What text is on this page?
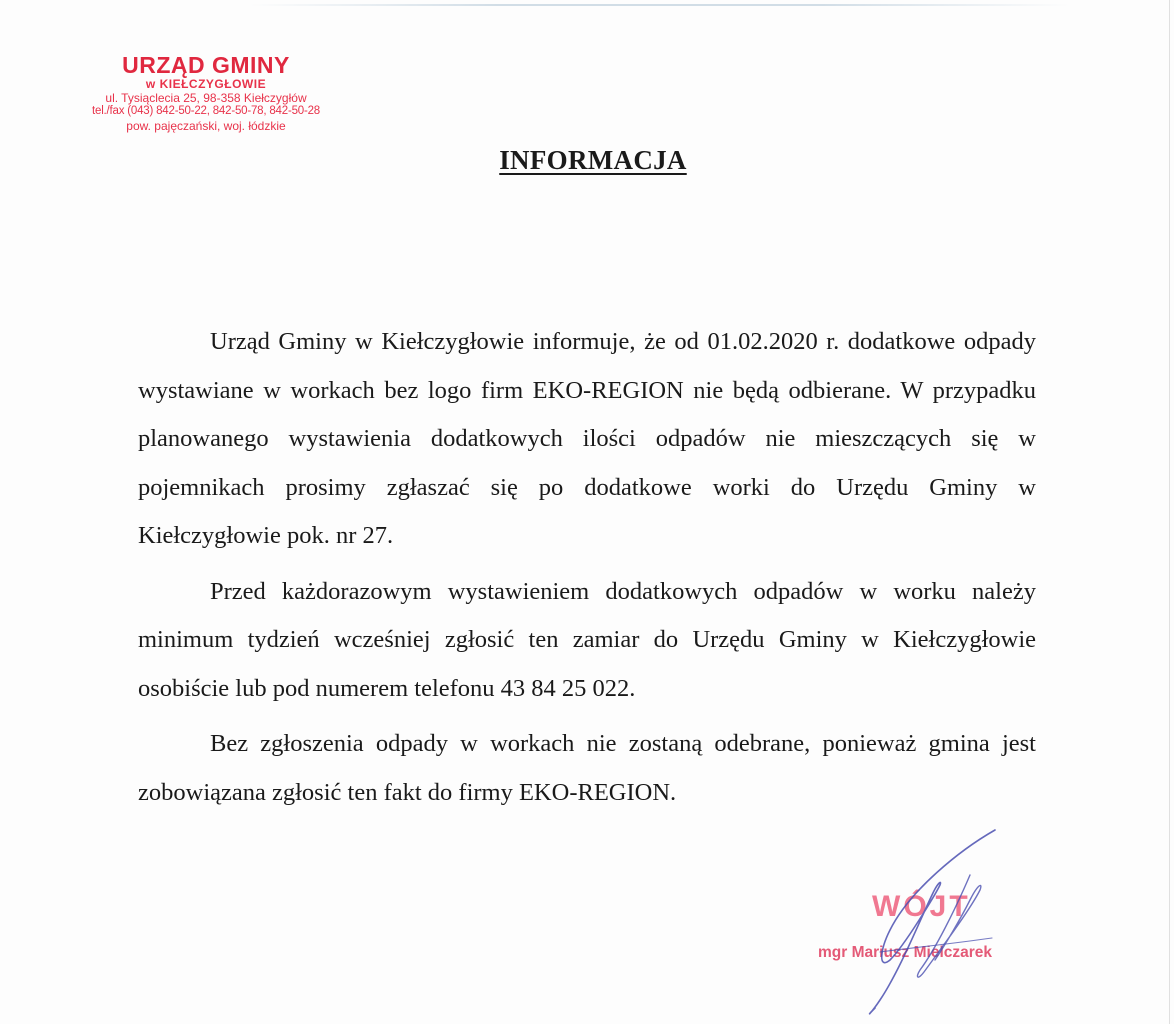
URZĄD GMINY
w KIEŁCZYGŁOWIE
ul. Tysiąclecia 25, 98-358 Kiełczygłów
tel./fax (043) 842-50-22, 842-50-78, 842-50-28
pow. pajęczański, woj. łódzkie
INFORMACJA

Urząd Gminy w Kiełczygłowie informuje, że od 01.02.2020 r. dodatkowe odpady wystawiane w workach bez logo firm EKO-REGION nie będą odbierane. W przypadku planowanego wystawienia dodatkowych ilości odpadów nie mieszczących się w pojemnikach prosimy zgłaszać się po dodatkowe worki do Urzędu Gminy w Kiełczygłowie pok. nr 27.

Przed każdorazowym wystawieniem dodatkowych odpadów w worku należy minimum tydzień wcześniej zgłosić ten zamiar do Urzędu Gminy w Kiełczygłowie osobiście lub pod numerem telefonu 43 84 25 022.

Bez zgłoszenia odpady w workach nie zostaną odebrane, ponieważ gmina jest zobowiązana zgłosić ten fakt do firmy EKO-REGION.

WÓJT
mgr Mariusz Mielczarek
